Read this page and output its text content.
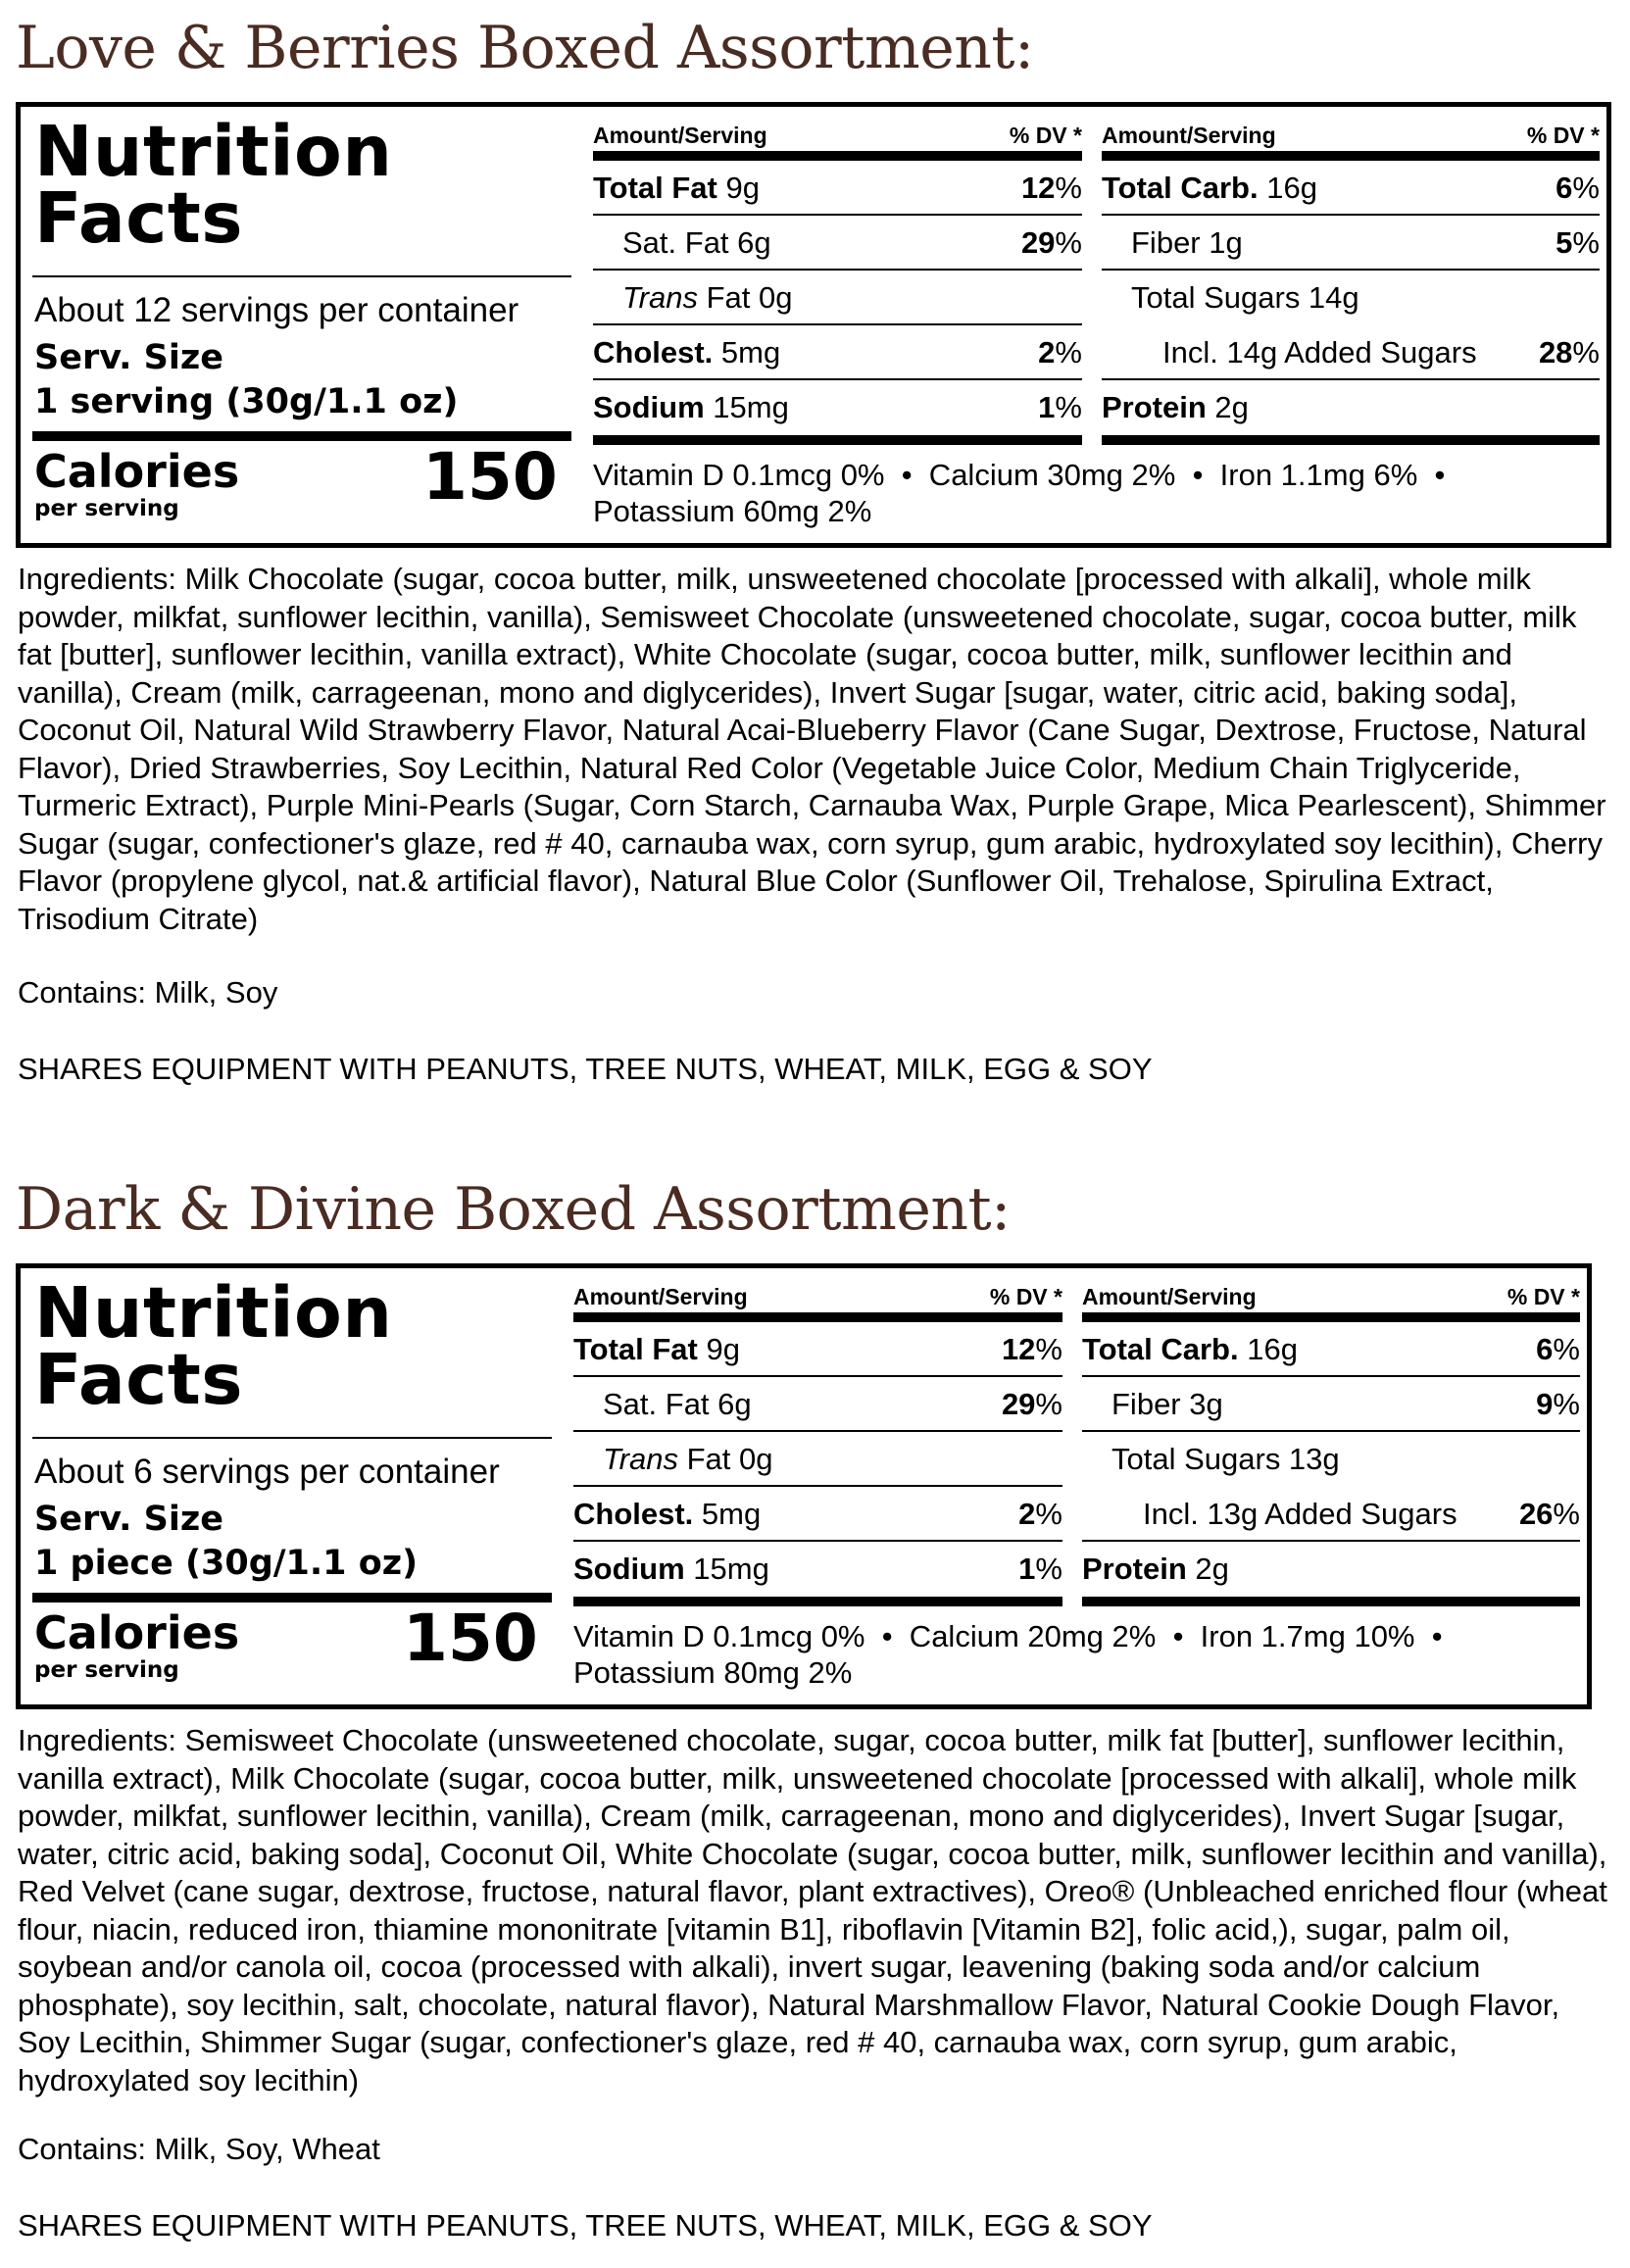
Love & Berries Boxed Assortment:
Nutrition
Facts
About 12 servings per container
Serv. Size
1 serving (30g/1.1 oz)
Calories
per serving	150
Amount/Serving	% DV *
Total Fat 9g	12%
Sat. Fat 6g	29%
Trans Fat 0g
Cholest. 5mg	2%
Sodium 15mg	1%
Amount/Serving	% DV *
Total Carb. 16g	6%
Fiber 1g	5%
Total Sugars 14g
Incl. 14g Added Sugars 28%
Protein 2g
Vitamin D 0.1mcg 0%  •  Calcium 30mg 2%  •  Iron 1.1mg 6%  •
Potassium 60mg 2%
Ingredients: Milk Chocolate (sugar, cocoa butter, milk, unsweetened chocolate [processed with alkali], whole milk powder, milkfat, sunflower lecithin, vanilla), Semisweet Chocolate (unsweetened chocolate, sugar, cocoa butter, milk fat [butter], sunflower lecithin, vanilla extract), White Chocolate (sugar, cocoa butter, milk, sunflower lecithin and vanilla), Cream (milk, carrageenan, mono and diglycerides), Invert Sugar [sugar, water, citric acid, baking soda], Coconut Oil, Natural Wild Strawberry Flavor, Natural Acai-Blueberry Flavor (Cane Sugar, Dextrose, Fructose, Natural Flavor), Dried Strawberries, Soy Lecithin, Natural Red Color (Vegetable Juice Color, Medium Chain Triglyceride, Turmeric Extract), Purple Mini-Pearls (Sugar, Corn Starch, Carnauba Wax, Purple Grape, Mica Pearlescent), Shimmer Sugar (sugar, confectioner's glaze, red # 40, carnauba wax, corn syrup, gum arabic, hydroxylated soy lecithin), Cherry Flavor (propylene glycol, nat.& artificial flavor), Natural Blue Color (Sunflower Oil, Trehalose, Spirulina Extract, Trisodium Citrate)
Contains: Milk, Soy
SHARES EQUIPMENT WITH PEANUTS, TREE NUTS, WHEAT, MILK, EGG & SOY
Dark & Divine Boxed Assortment:
Nutrition
Facts
About 6 servings per container
Serv. Size
1 piece (30g/1.1 oz)
Calories
per serving	150
Amount/Serving	% DV *
Total Fat 9g	12%
Sat. Fat 6g	29%
Trans Fat 0g
Cholest. 5mg	2%
Sodium 15mg	1%
Amount/Serving	% DV *
Total Carb. 16g	6%
Fiber 3g	9%
Total Sugars 13g
Incl. 13g Added Sugars 26%
Protein 2g
Vitamin D 0.1mcg 0%  •  Calcium 20mg 2%  •  Iron 1.7mg 10%  •
Potassium 80mg 2%
Ingredients: Semisweet Chocolate (unsweetened chocolate, sugar, cocoa butter, milk fat [butter], sunflower lecithin, vanilla extract), Milk Chocolate (sugar, cocoa butter, milk, unsweetened chocolate [processed with alkali], whole milk powder, milkfat, sunflower lecithin, vanilla), Cream (milk, carrageenan, mono and diglycerides), Invert Sugar [sugar, water, citric acid, baking soda], Coconut Oil, White Chocolate (sugar, cocoa butter, milk, sunflower lecithin and vanilla), Red Velvet (cane sugar, dextrose, fructose, natural flavor, plant extractives), Oreo® (Unbleached enriched flour (wheat flour, niacin, reduced iron, thiamine mononitrate [vitamin B1], riboflavin [Vitamin B2], folic acid,), sugar, palm oil, soybean and/or canola oil, cocoa (processed with alkali), invert sugar, leavening (baking soda and/or calcium phosphate), soy lecithin, salt, chocolate, natural flavor), Natural Marshmallow Flavor, Natural Cookie Dough Flavor, Soy Lecithin, Shimmer Sugar (sugar, confectioner's glaze, red # 40, carnauba wax, corn syrup, gum arabic, hydroxylated soy lecithin)
Contains: Milk, Soy, Wheat
SHARES EQUIPMENT WITH PEANUTS, TREE NUTS, WHEAT, MILK, EGG & SOY
